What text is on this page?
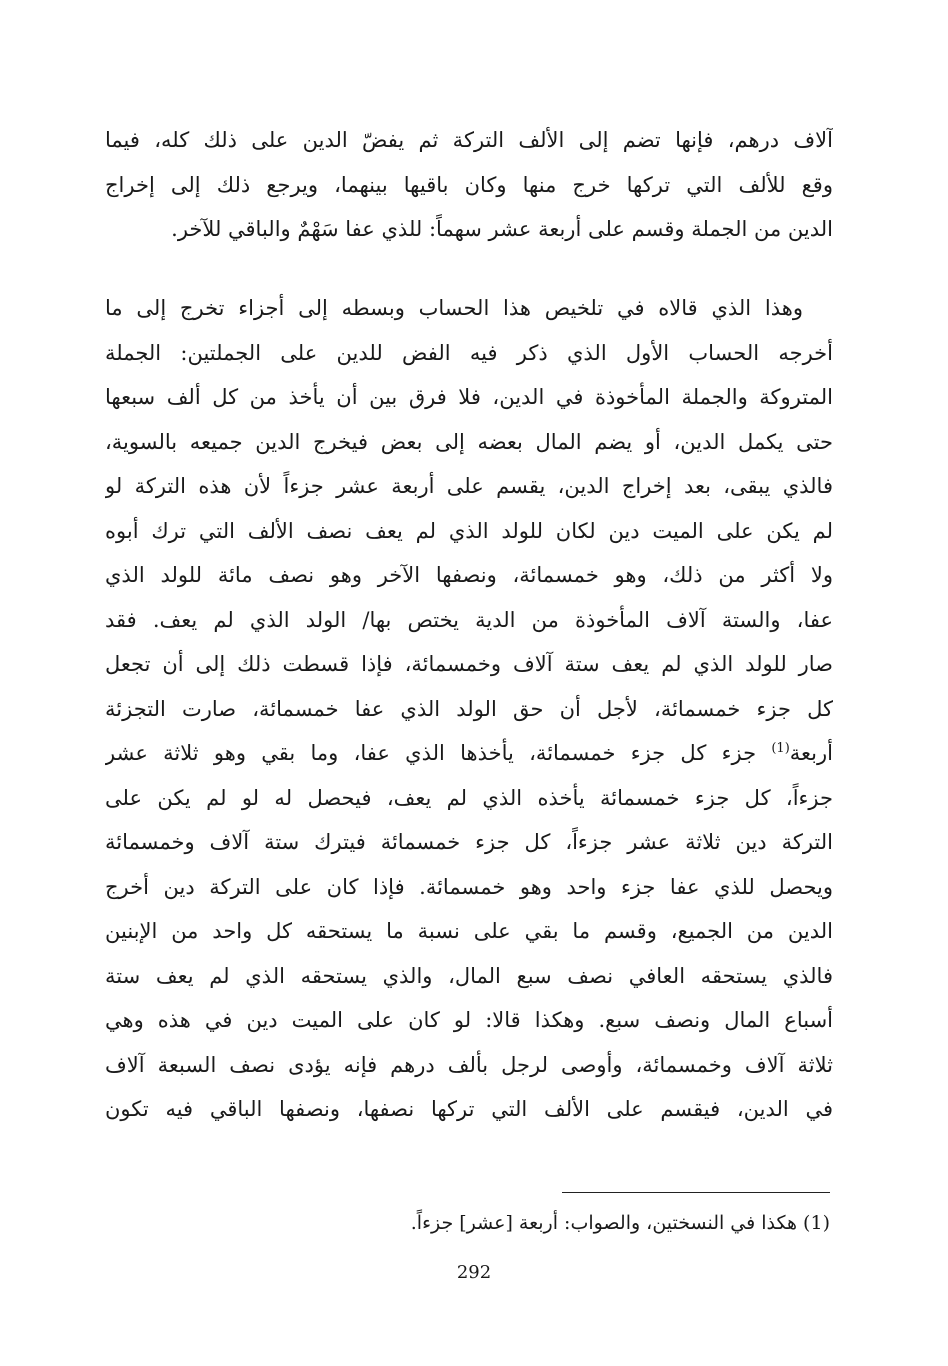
آلاف درهم، فإنها تضم إلى الألف التركة ثم يفضّ الدين على ذلك كله، فيما
وقع للألف التي تركها خرج منها وكان باقيها بينهما، ويرجع ذلك إلى إخراج
الدين من الجملة وقسم على أربعة عشر سهماً: للذي عفا سَهْمٌ والباقي للآخر.
وهذا الذي قالاه في تلخيص هذا الحساب وبسطه إلى أجزاء تخرج إلى ما
أخرجه الحساب الأول الذي ذكر فيه الفض للدين على الجملتين: الجملة
المتروكة والجملة المأخوذة في الدين، فلا فرق بين أن يأخذ من كل ألف سبعها
حتى يكمل الدين، أو يضم المال بعضه إلى بعض فيخرج الدين جميعه بالسوية،
فالذي يبقى، بعد إخراج الدين، يقسم على أربعة عشر جزءاً لأن هذه التركة لو
لم يكن على الميت دين لكان للولد الذي لم يعف نصف الألف التي ترك أبوه
ولا أكثر من ذلك، وهو خمسمائة، ونصفها الآخر وهو نصف مائة للولد الذي
عفا، والستة آلاف المأخوذة من الدية يختص بها/ الولد الذي لم يعف. فقد
صار للولد الذي لم يعف ستة آلاف وخمسمائة، فإذا قسطت ذلك إلى أن تجعل
كل جزء خمسمائة، لأجل أن حق الولد الذي عفا خمسمائة، صارت التجزئة
أربعة$^{(1)}$ جزء كل جزء خمسمائة، يأخذها الذي عفا، وما بقي وهو ثلاثة عشر
جزءاً، كل جزء خمسمائة يأخذه الذي لم يعف، فيحصل له لو لم يكن على
التركة دين ثلاثة عشر جزءاً، كل جزء خمسمائة فيترك ستة آلاف وخمسمائة
ويحصل للذي عفا جزء واحد وهو خمسمائة. فإذا كان على التركة دين أخرج
الدين من الجميع، وقسم ما بقي على نسبة ما يستحقه كل واحد من الإبنين
فالذي يستحقه العافي نصف سبع المال، والذي يستحقه الذي لم يعف ستة
أسباع المال ونصف سبع. وهكذا قالا: لو كان على الميت دين في هذه وهي
ثلاثة آلاف وخمسمائة، وأوصى لرجل بألف درهم فإنه يؤدى نصف السبعة آلاف
في الدين، فيقسم على الألف التي تركها نصفها، ونصفها الباقي فيه تكون
(1) هكذا في النسختين، والصواب: أربعة [عشر] جزءاً.
292
